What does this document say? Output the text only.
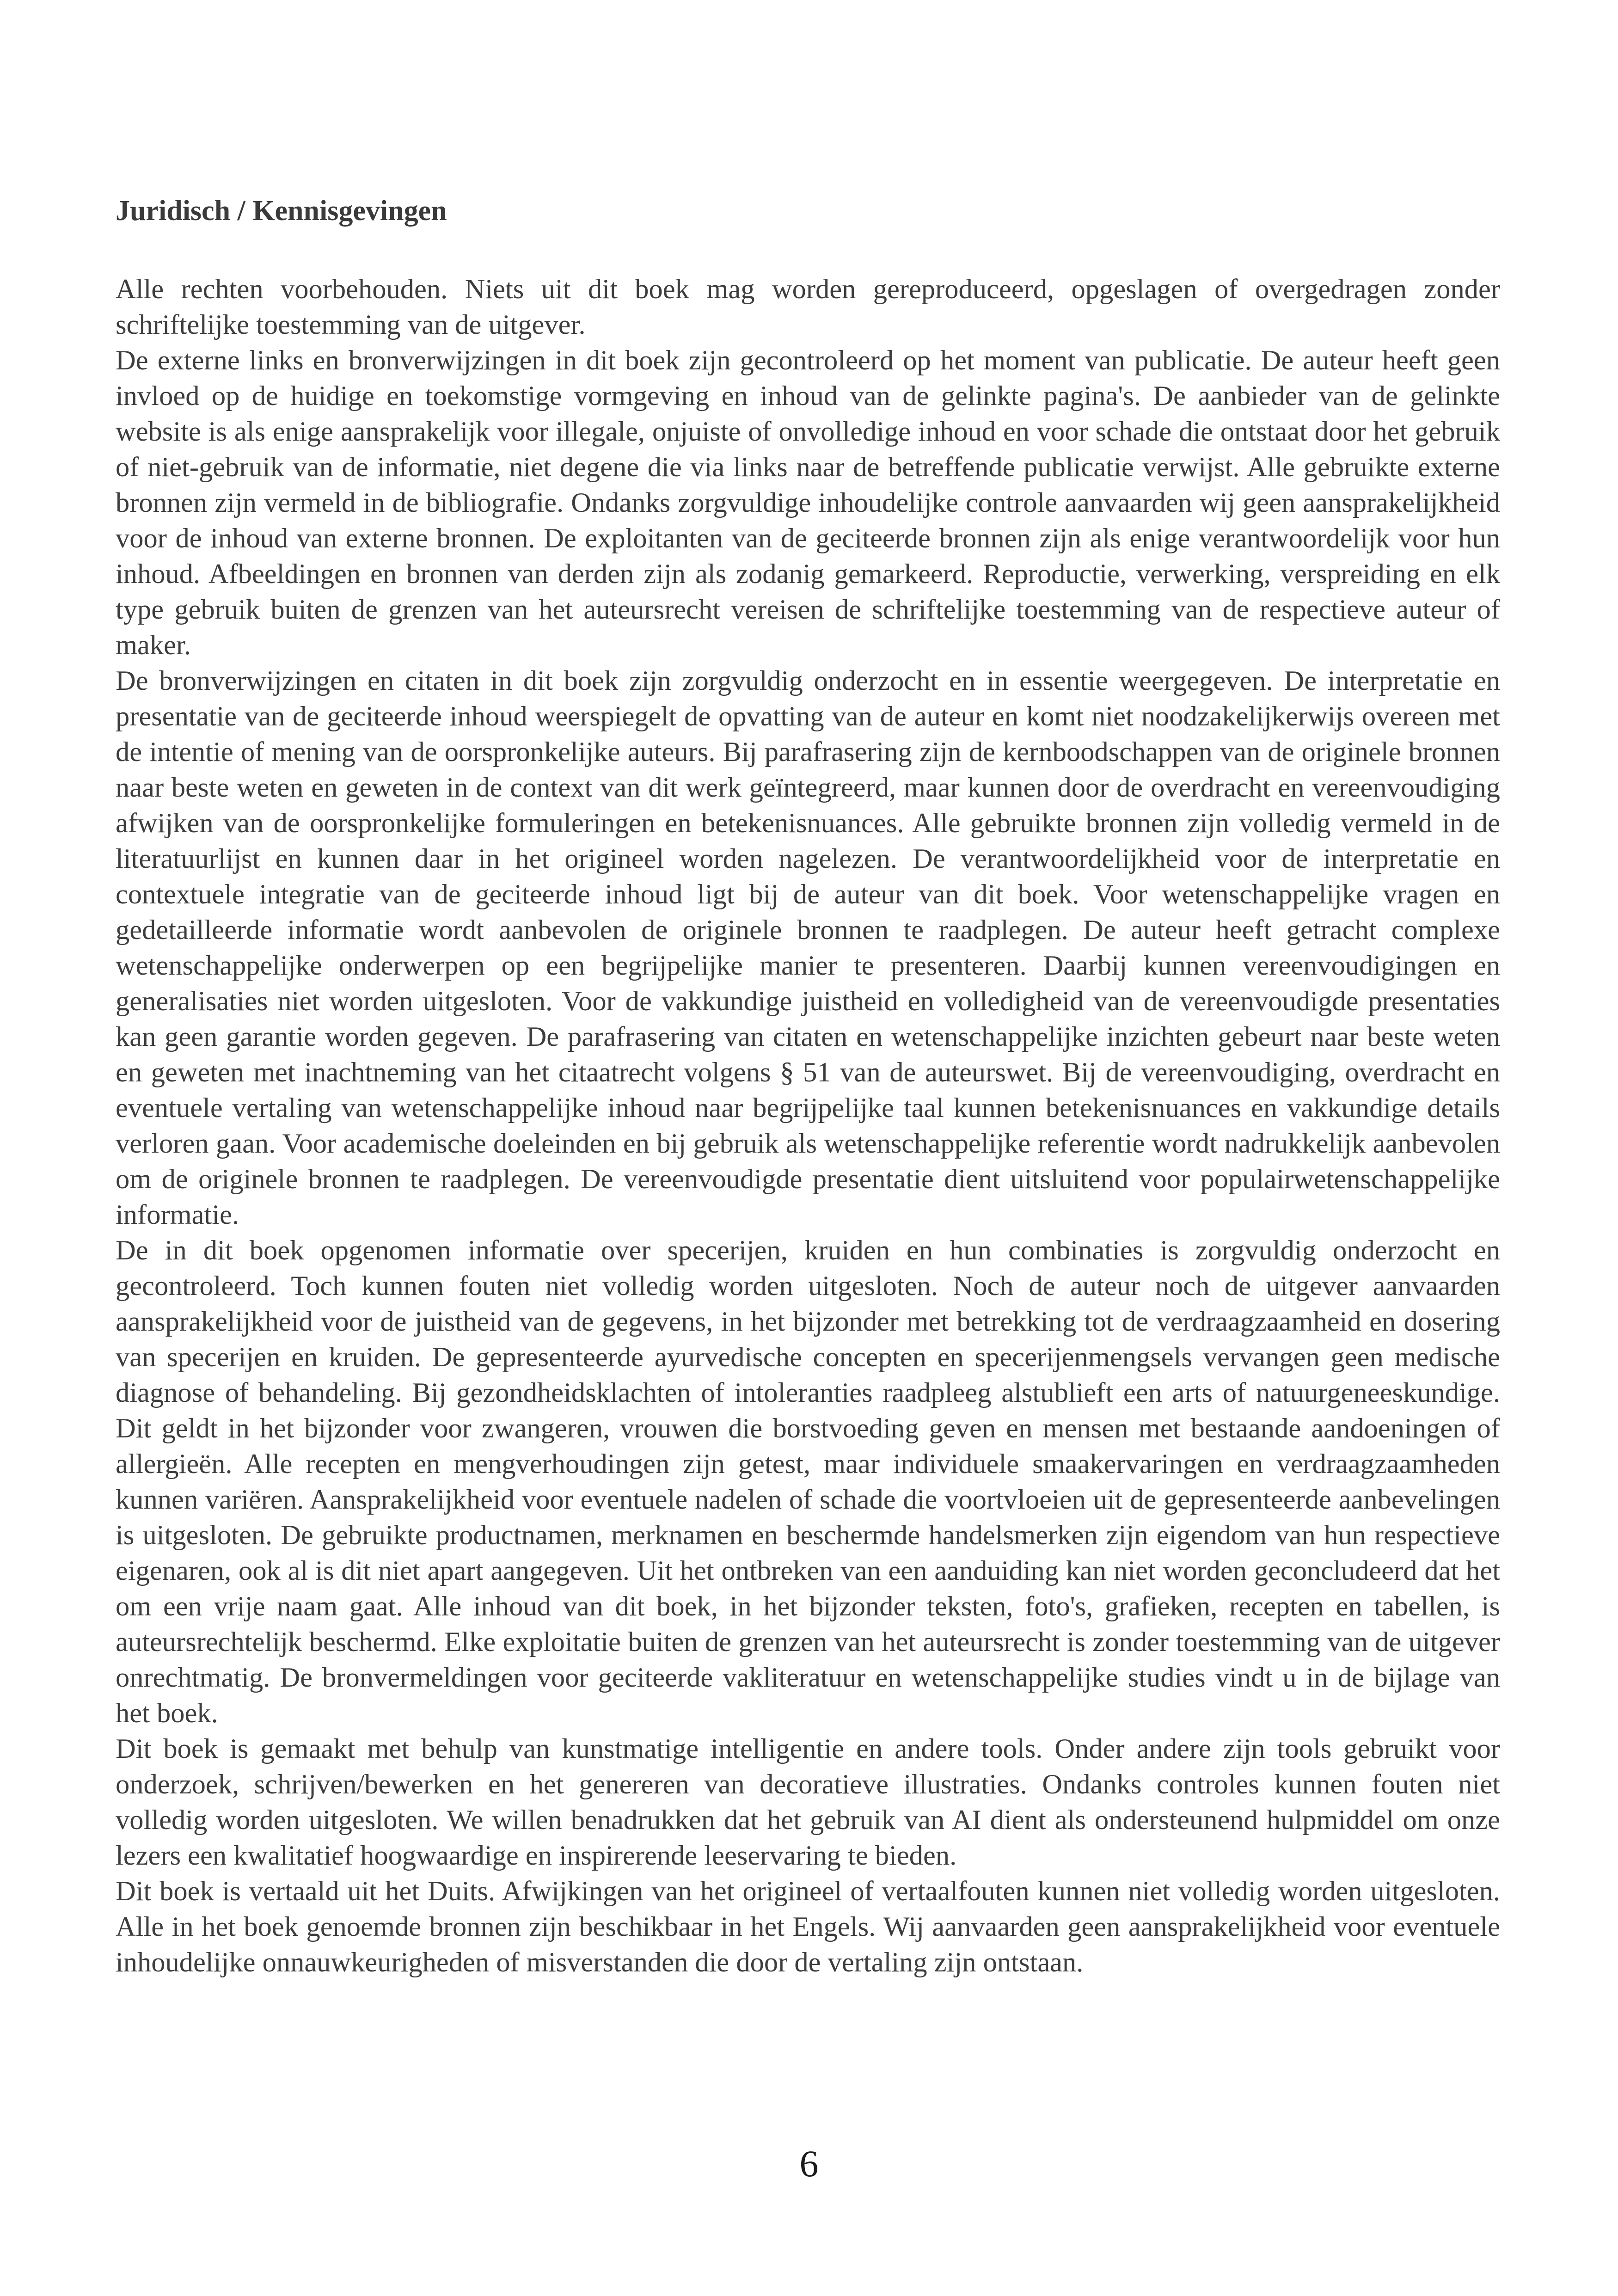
Juridisch / Kennisgevingen

Alle rechten voorbehouden. Niets uit dit boek mag worden gereproduceerd, opgeslagen of overgedragen zonder schriftelijke toestemming van de uitgever.

De externe links en bronverwijzingen in dit boek zijn gecontroleerd op het moment van publicatie. De auteur heeft geen invloed op de huidige en toekomstige vormgeving en inhoud van de gelinkte pagina's. De aanbieder van de gelinkte website is als enige aansprakelijk voor illegale, onjuiste of onvolledige inhoud en voor schade die ontstaat door het gebruik of niet-gebruik van de informatie, niet degene die via links naar de betreffende publicatie verwijst. Alle gebruikte externe bronnen zijn vermeld in de bibliografie. Ondanks zorgvuldige inhoudelijke controle aanvaarden wij geen aansprakelijkheid voor de inhoud van externe bronnen. De exploitanten van de geciteerde bronnen zijn als enige verantwoordelijk voor hun inhoud. Afbeeldingen en bronnen van derden zijn als zodanig gemarkeerd. Reproductie, verwerking, verspreiding en elk type gebruik buiten de grenzen van het auteursrecht vereisen de schriftelijke toestemming van de respectieve auteur of maker.

De bronverwijzingen en citaten in dit boek zijn zorgvuldig onderzocht en in essentie weergegeven. De interpretatie en presentatie van de geciteerde inhoud weerspiegelt de opvatting van de auteur en komt niet noodzakelijkerwijs overeen met de intentie of mening van de oorspronkelijke auteurs. Bij parafrasering zijn de kernboodschappen van de originele bronnen naar beste weten en geweten in de context van dit werk geïntegreerd, maar kunnen door de overdracht en vereenvoudiging afwijken van de oorspronkelijke formuleringen en betekenisnuances. Alle gebruikte bronnen zijn volledig vermeld in de literatuurlijst en kunnen daar in het origineel worden nagelezen. De verantwoordelijkheid voor de interpretatie en contextuele integratie van de geciteerde inhoud ligt bij de auteur van dit boek. Voor wetenschappelijke vragen en gedetailleerde informatie wordt aanbevolen de originele bronnen te raadplegen. De auteur heeft getracht complexe wetenschappelijke onderwerpen op een begrijpelijke manier te presenteren. Daarbij kunnen vereenvoudigingen en generalisaties niet worden uitgesloten. Voor de vakkundige juistheid en volledigheid van de vereenvoudigde presentaties kan geen garantie worden gegeven. De parafrasering van citaten en wetenschappelijke inzichten gebeurt naar beste weten en geweten met inachtneming van het citaatrecht volgens § 51 van de auteurswet. Bij de vereenvoudiging, overdracht en eventuele vertaling van wetenschappelijke inhoud naar begrijpelijke taal kunnen betekenisnuances en vakkundige details verloren gaan. Voor academische doeleinden en bij gebruik als wetenschappelijke referentie wordt nadrukkelijk aanbevolen om de originele bronnen te raadplegen. De vereenvoudigde presentatie dient uitsluitend voor populairwetenschappelijke informatie.

De in dit boek opgenomen informatie over specerijen, kruiden en hun combinaties is zorgvuldig onderzocht en gecontroleerd. Toch kunnen fouten niet volledig worden uitgesloten. Noch de auteur noch de uitgever aanvaarden aansprakelijkheid voor de juistheid van de gegevens, in het bijzonder met betrekking tot de verdraagzaamheid en dosering van specerijen en kruiden. De gepresenteerde ayurvedische concepten en specerijenmengsels vervangen geen medische diagnose of behandeling. Bij gezondheidsklachten of intoleranties raadpleeg alstublieft een arts of natuurgeneeskundige. Dit geldt in het bijzonder voor zwangeren, vrouwen die borstvoeding geven en mensen met bestaande aandoeningen of allergieën. Alle recepten en mengverhoudingen zijn getest, maar individuele smaakervaringen en verdraagzaamheden kunnen variëren. Aansprakelijkheid voor eventuele nadelen of schade die voortvloeien uit de gepresenteerde aanbevelingen is uitgesloten. De gebruikte productnamen, merknamen en beschermde handelsmerken zijn eigendom van hun respectieve eigenaren, ook al is dit niet apart aangegeven. Uit het ontbreken van een aanduiding kan niet worden geconcludeerd dat het om een vrije naam gaat. Alle inhoud van dit boek, in het bijzonder teksten, foto's, grafieken, recepten en tabellen, is auteursrechtelijk beschermd. Elke exploitatie buiten de grenzen van het auteursrecht is zonder toestemming van de uitgever onrechtmatig. De bronvermeldingen voor geciteerde vakliteratuur en wetenschappelijke studies vindt u in de bijlage van het boek.

Dit boek is gemaakt met behulp van kunstmatige intelligentie en andere tools. Onder andere zijn tools gebruikt voor onderzoek, schrijven/bewerken en het genereren van decoratieve illustraties. Ondanks controles kunnen fouten niet volledig worden uitgesloten. We willen benadrukken dat het gebruik van AI dient als ondersteunend hulpmiddel om onze lezers een kwalitatief hoogwaardige en inspirerende leeservaring te bieden.

Dit boek is vertaald uit het Duits. Afwijkingen van het origineel of vertaalfouten kunnen niet volledig worden uitgesloten. Alle in het boek genoemde bronnen zijn beschikbaar in het Engels. Wij aanvaarden geen aansprakelijkheid voor eventuele inhoudelijke onnauwkeurigheden of misverstanden die door de vertaling zijn ontstaan.

6
